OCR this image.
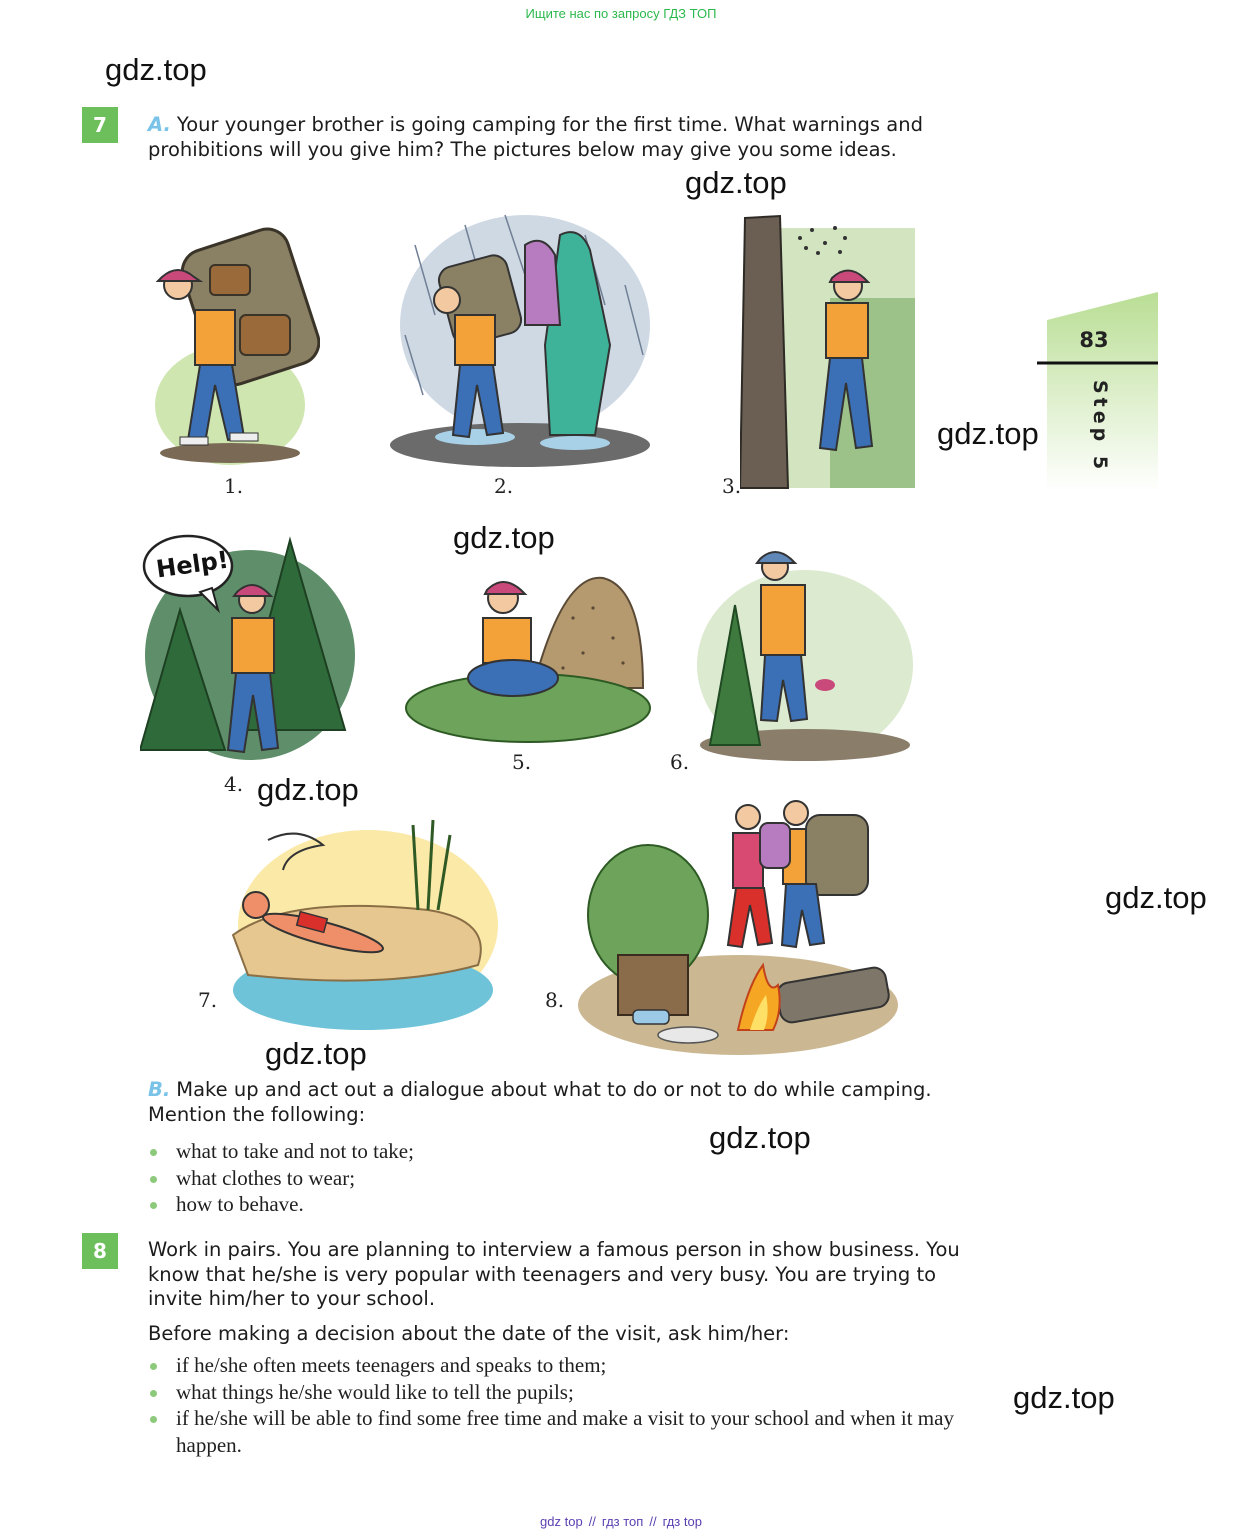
Ищите нас по запросу ГДЗ ТОП
gdz.top
gdz.top
gdz.top
gdz.top
gdz.top
gdz.top
gdz.top
gdz.top
gdz.top
83
Step 5
7	A. Your younger brother is going camping for the first time. What warnings and prohibitions will you give him? The pictures below may give you some ideas.
1.	2.	3.
Help!
4.
5.	6.
7.	8.
B. Make up and act out a dialogue about what to do or not to do while camping. Mention the following:
what to take and not to take;
what clothes to wear;
how to behave.
8	Work in pairs. You are planning to interview a famous person in show business. You know that he/she is very popular with teenagers and very busy. You are trying to invite him/her to your school.
Before making a decision about the date of the visit, ask him/her:
if he/she often meets teenagers and speaks to them;
what things he/she would like to tell the pupils;
if he/she will be able to find some free time and make a visit to your school and when it may happen.
gdz top // гдз топ // гдз top
